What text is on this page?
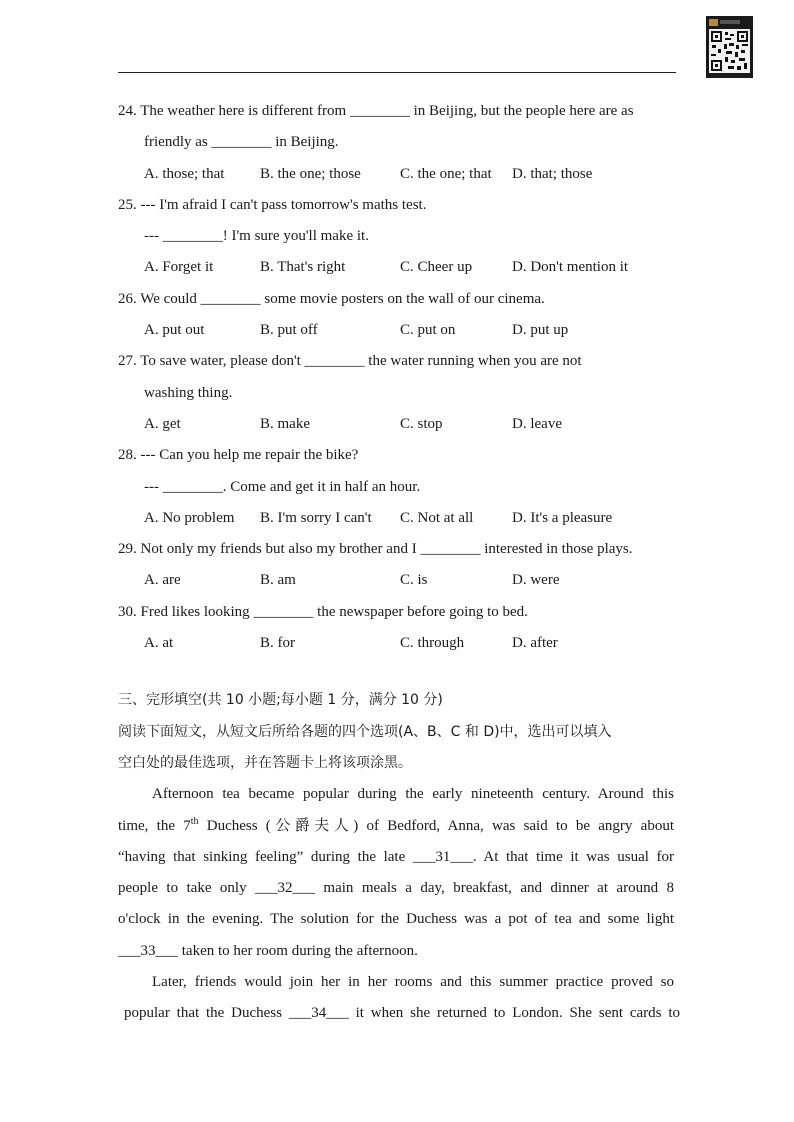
24. The weather here is different from ________ in Beijing, but the people here are as
friendly as ________ in Beijing.
A. those; that B. the one; those	C. the one; that D. that; those
25. --- I'm afraid I can't pass tomorrow's maths test.
--- ________! I'm sure you'll make it.
A. Forget it	B. That's right	C. Cheer up	D. Don't mention it
26. We could ________ some movie posters on the wall of our cinema.
A. put out	B. put off	C. put on	D. put up
27. To save water, please don't ________ the water running when you are not
washing thing.
A. get	B. make	C. stop	D. leave
28. --- Can you help me repair the bike?
--- ________. Come and get it in half an hour.
A. No problem B. I'm sorry I can't C. Not at all	D. It's a pleasure
29. Not only my friends but also my brother and I ________ interested in those plays.
A. are	B. am	C. is	D. were
30. Fred likes looking ________ the newspaper before going to bed.
A. at	B. for	C. through	D. after
三、完形填空(共 10 小题;每小题 1 分，满分 10 分)
阅读下面短文，从短文后所给各题的四个选项(A、B、C 和 D)中，选出可以填入
空白处的最佳选项，并在答题卡上将该项涂黑。
Afternoon tea became popular during the early nineteenth century. Around this
time, the 7th Duchess (公爵夫人) of Bedford, Anna, was said to be angry about
“having that sinking feeling” during the late ___31___. At that time it was usual for
people to take only ___32___ main meals a day, breakfast, and dinner at around 8
o'clock in the evening. The solution for the Duchess was a pot of tea and some light
___33___ taken to her room during the afternoon.
Later, friends would join her in her rooms and this summer practice proved so
popular that the Duchess ___34___ it when she returned to London. She sent cards to
